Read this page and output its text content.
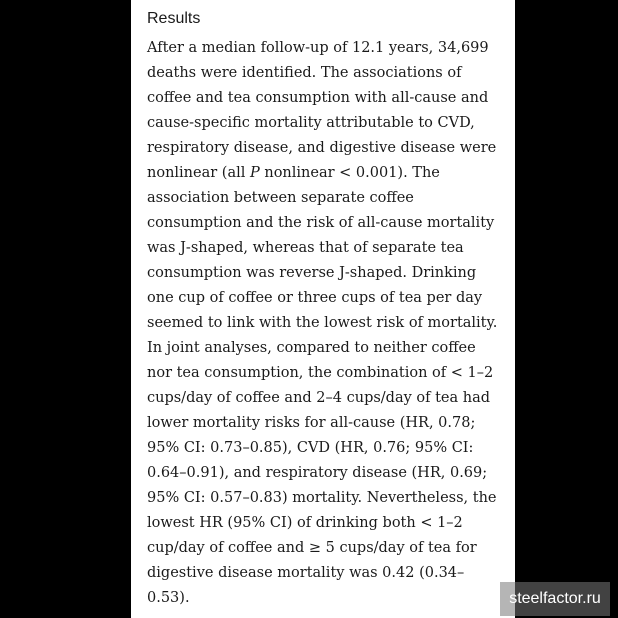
Results

After a median follow-up of 12.1 years, 34,699
deaths were identified. The associations of
coffee and tea consumption with all-cause and
cause-specific mortality attributable to CVD,
respiratory disease, and digestive disease were
nonlinear (all P nonlinear < 0.001). The
association between separate coffee
consumption and the risk of all-cause mortality
was J-shaped, whereas that of separate tea
consumption was reverse J-shaped. Drinking
one cup of coffee or three cups of tea per day
seemed to link with the lowest risk of mortality.
In joint analyses, compared to neither coffee
nor tea consumption, the combination of < 1–2
cups/day of coffee and 2–4 cups/day of tea had
lower mortality risks for all-cause (HR, 0.78;
95% CI: 0.73–0.85), CVD (HR, 0.76; 95% CI:
0.64–0.91), and respiratory disease (HR, 0.69;
95% CI: 0.57–0.83) mortality. Nevertheless, the
lowest HR (95% CI) of drinking both < 1–2
cup/day of coffee and ≥ 5 cups/day of tea for
digestive disease mortality was 0.42 (0.34–
0.53).	steelfactor.ru
